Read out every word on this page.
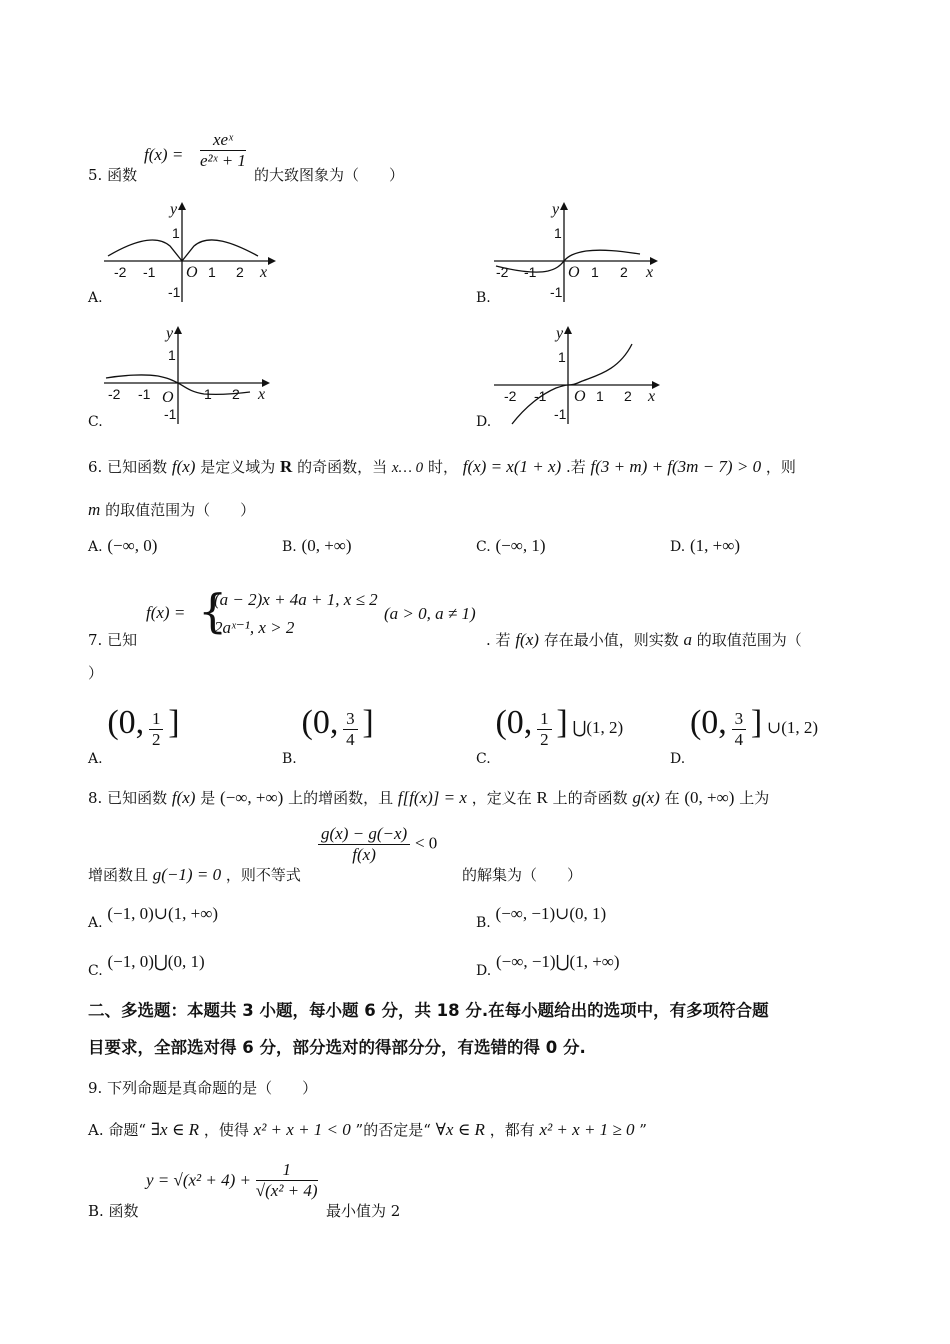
5. 函数
$f(x) = \frac{\text{xeˣ}}{\text{e²ˣ + 1}}$
的大致图象为（　　）
A.
-2 -1 O 1 2 x
y
1
-1	B.
-2 -1 O 1 2 x
y
1
-1
C.
-2 -1 O 1 2 x
y
1
-1	D.
-2 -1 O 1 2 x
y
1
-1
6. 已知函数 f(x) 是定义域为 R 的奇函数，当 x… 0 时， f(x) = x(1 + x) .若 f(3 + m) + f(3m − 7) > 0 ，则
m 的取值范围为（　　）
A. (−∞, 0)	B. (0, +∞)	C. (−∞, 1)	D. (1, +∞)
7. 已知
f(x) = {
(a − 2)x + 4a + 1, x ≤ 2
2aˣ⁻¹, x > 2
(a > 0, a ≠ 1)
. 若 f(x) 存在最小值，则实数 a 的取值范围为（
）
A. (0, $\frac{1}{2}$ ]
B. (0, $\frac{3}{4}$ ]
C. (0, $\frac{1}{2}$ ] ⋃(1, 2)
D. (0, $\frac{3}{4}$ ] ∪(1, 2)
8. 已知函数 f(x) 是 (−∞, +∞) 上的增函数，且 f[f(x)] = x ，定义在 R 上的奇函数 g(x) 在 (0, +∞) 上为
$\frac{g(x) - g(-x)}{f(x)} < 0$
增函数且 g(−1) = 0 ，则不等式	的解集为（　　）
A. (−1, 0)∪(1, +∞)	B. (−∞, −1)∪(0, 1)
C. (−1, 0)⋃(0, 1)	D. (−∞, −1)⋃(1, +∞)
二、多选题：本题共 3 小题，每小题 6 分，共 18 分.在每小题给出的选项中，有多项符合题
目要求，全部选对得 6 分，部分选对的得部分分，有选错的得 0 分.
9. 下列命题是真命题的是（　　）
A. 命题“ ∃x ∈ R ，使得 x² + x + 1 < 0 ”的否定是“ ∀x ∈ R ，都有 x² + x + 1 ≥ 0 ”
B. 函数
$y = √(x^2 + 4) + \frac{1}{\text{√(x² + 4)}}$
最小值为 2
